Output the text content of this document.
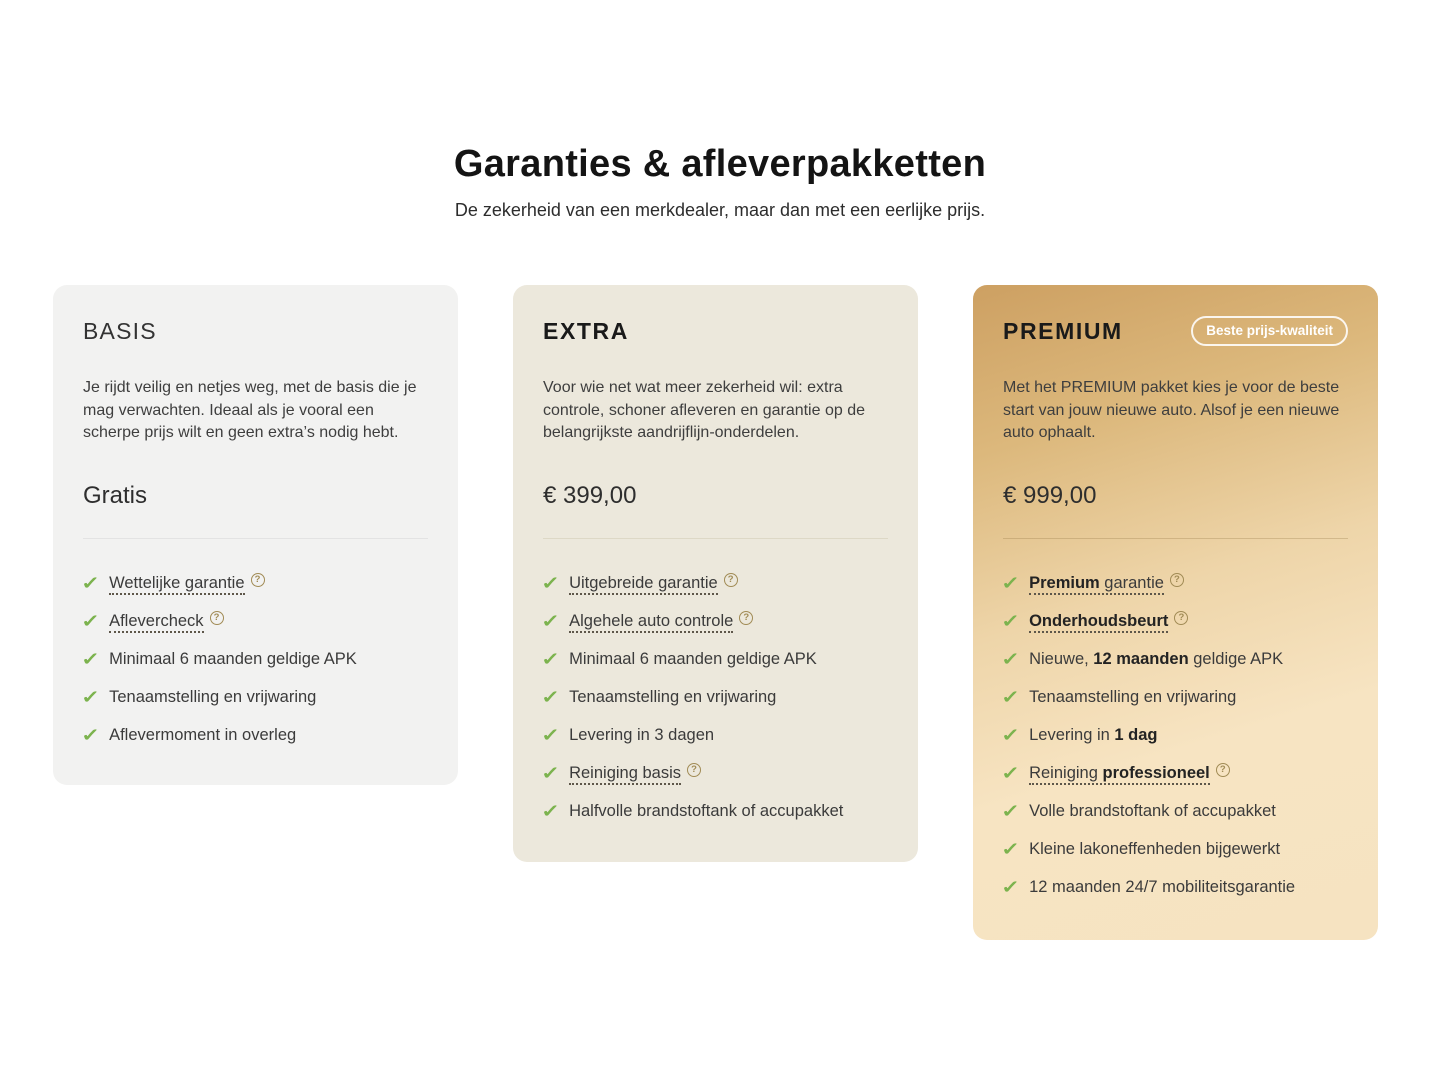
Garanties & afleverpakketten

De zekerheid van een merkdealer, maar dan met een eerlijke prijs.

BASIS

Je rijdt veilig en netjes weg, met de basis die je mag verwachten. Ideaal als je vooral een scherpe prijs wilt en geen extra’s nodig hebt.

Gratis
✓ Wettelijke garantie ?
✓ Aflevercheck ?
✓ Minimaal 6 maanden geldige APK
✓ Tenaamstelling en vrijwaring
✓ Aflevermoment in overleg
EXTRA

Voor wie net wat meer zekerheid wil: extra controle, schoner afleveren en garantie op de belangrijkste aandrijflijn-onderdelen.

€ 399,00
✓ Uitgebreide garantie ?
✓ Algehele auto controle ?
✓ Minimaal 6 maanden geldige APK
✓ Tenaamstelling en vrijwaring
✓ Levering in 3 dagen
✓ Reiniging basis ?
✓ Halfvolle brandstoftank of accupakket
PREMIUM	Beste prijs-kwaliteit

Met het PREMIUM pakket kies je voor de beste start van jouw nieuwe auto. Alsof je een nieuwe auto ophaalt.

€ 999,00
✓ Premium garantie ?
✓ Onderhoudsbeurt ?
✓ Nieuwe, 12 maanden geldige APK
✓ Tenaamstelling en vrijwaring
✓ Levering in 1 dag
✓ Reiniging professioneel ?
✓ Volle brandstoftank of accupakket
✓ Kleine lakoneffenheden bijgewerkt
✓ 12 maanden 24/7 mobiliteitsgarantie
